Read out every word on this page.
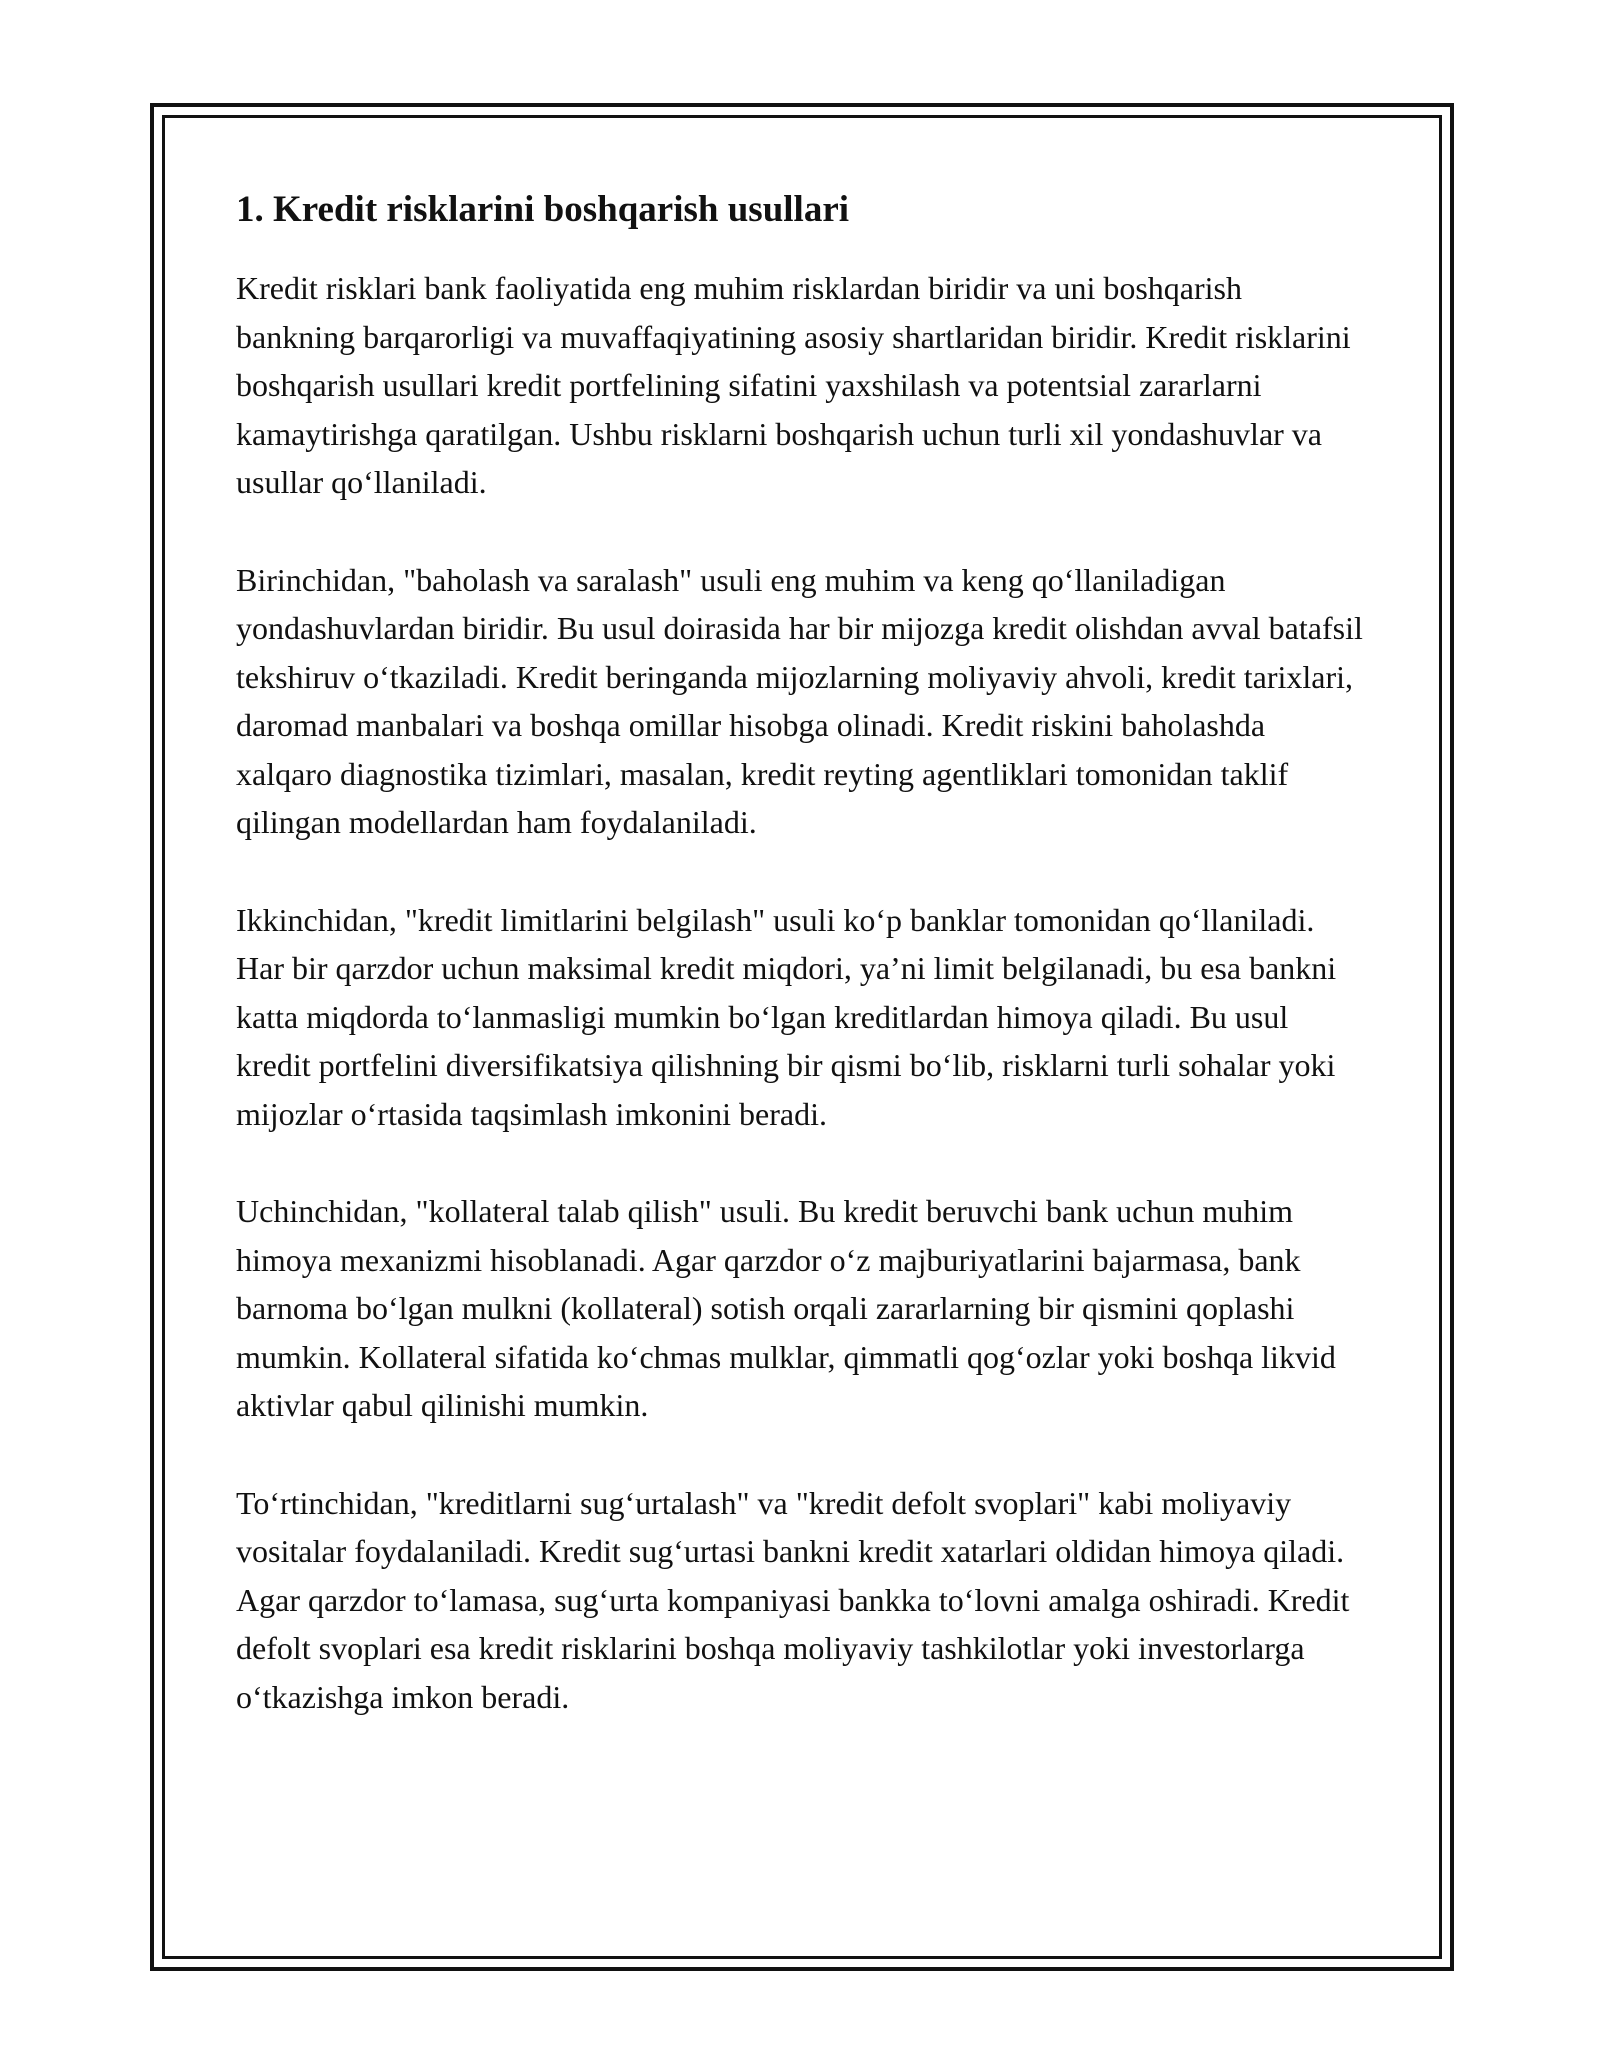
1. Kredit risklarini boshqarish usullari

Kredit risklari bank faoliyatida eng muhim risklardan biridir va uni boshqarish bankning barqarorligi va muvaffaqiyatining asosiy shartlaridan biridir. Kredit risklarini boshqarish usullari kredit portfelining sifatini yaxshilash va potentsial zararlarni kamaytirishga qaratilgan. Ushbu risklarni boshqarish uchun turli xil yondashuvlar va usullar qo‘llaniladi.

Birinchidan, "baholash va saralash" usuli eng muhim va keng qo‘llaniladigan yondashuvlardan biridir. Bu usul doirasida har bir mijozga kredit olishdan avval batafsil tekshiruv o‘tkaziladi. Kredit beringanda mijozlarning moliyaviy ahvoli, kredit tarixlari, daromad manbalari va boshqa omillar hisobga olinadi. Kredit riskini baholashda xalqaro diagnostika tizimlari, masalan, kredit reyting agentliklari tomonidan taklif qilingan modellardan ham foydalaniladi.

Ikkinchidan, "kredit limitlarini belgilash" usuli ko‘p banklar tomonidan qo‘llaniladi. Har bir qarzdor uchun maksimal kredit miqdori, ya’ni limit belgilanadi, bu esa bankni katta miqdorda to‘lanmasligi mumkin bo‘lgan kreditlardan himoya qiladi. Bu usul kredit portfelini diversifikatsiya qilishning bir qismi bo‘lib, risklarni turli sohalar yoki mijozlar o‘rtasida taqsimlash imkonini beradi.

Uchinchidan, "kollateral talab qilish" usuli. Bu kredit beruvchi bank uchun muhim himoya mexanizmi hisoblanadi. Agar qarzdor o‘z majburiyatlarini bajarmasa, bank barnoma bo‘lgan mulkni (kollateral) sotish orqali zararlarning bir qismini qoplashi mumkin. Kollateral sifatida ko‘chmas mulklar, qimmatli qog‘ozlar yoki boshqa likvid aktivlar qabul qilinishi mumkin.

To‘rtinchidan, "kreditlarni sug‘urtalash" va "kredit defolt svoplari" kabi moliyaviy vositalar foydalaniladi. Kredit sug‘urtasi bankni kredit xatarlari oldidan himoya qiladi. Agar qarzdor to‘lamasa, sug‘urta kompaniyasi bankka to‘lovni amalga oshiradi. Kredit defolt svoplari esa kredit risklarini boshqa moliyaviy tashkilotlar yoki investorlarga o‘tkazishga imkon beradi.
